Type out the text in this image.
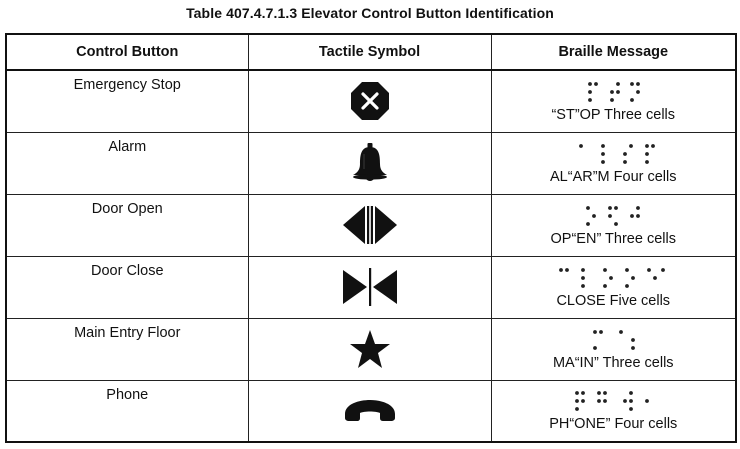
Table 407.4.7.1.3 Elevator Control Button Identification
Control Button	Tactile Symbol	Braille Message

Emergency Stop		“ST”OP Three cells

Alarm		AL“AR”M Four cells

Door Open		OP“EN” Three cells

Door Close		CLOSE Five cells

Main Entry Floor		MA“IN” Three cells

Phone		PH“ONE” Four cells
